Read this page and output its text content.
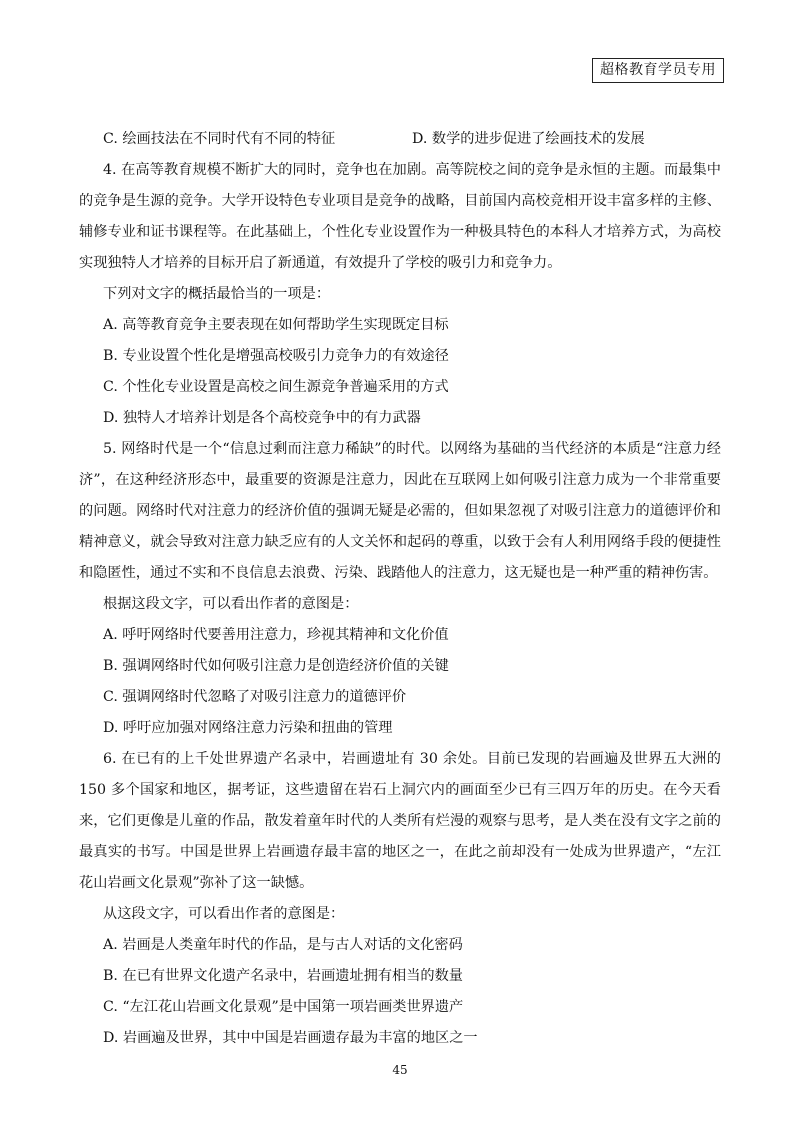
超格教育学员专用
C. 绘画技法在不同时代有不同的特征	D. 数学的进步促进了绘画技术的发展
4. 在高等教育规模不断扩大的同时，竞争也在加剧。高等院校之间的竞争是永恒的主题。而最集中的竞争是生源的竞争。大学开设特色专业项目是竞争的战略，目前国内高校竞相开设丰富多样的主修、辅修专业和证书课程等。在此基础上，个性化专业设置作为一种极具特色的本科人才培养方式，为高校实现独特人才培养的目标开启了新通道，有效提升了学校的吸引力和竞争力。
下列对文字的概括最恰当的一项是：
A. 高等教育竞争主要表现在如何帮助学生实现既定目标
B. 专业设置个性化是增强高校吸引力竞争力的有效途径
C. 个性化专业设置是高校之间生源竞争普遍采用的方式
D. 独特人才培养计划是各个高校竞争中的有力武器
5. 网络时代是一个“信息过剩而注意力稀缺”的时代。以网络为基础的当代经济的本质是“注意力经济”，在这种经济形态中，最重要的资源是注意力，因此在互联网上如何吸引注意力成为一个非常重要的问题。网络时代对注意力的经济价值的强调无疑是必需的，但如果忽视了对吸引注意力的道德评价和精神意义，就会导致对注意力缺乏应有的人文关怀和起码的尊重，以致于会有人利用网络手段的便捷性和隐匿性，通过不实和不良信息去浪费、污染、践踏他人的注意力，这无疑也是一种严重的精神伤害。
根据这段文字，可以看出作者的意图是：
A. 呼吁网络时代要善用注意力，珍视其精神和文化价值
B. 强调网络时代如何吸引注意力是创造经济价值的关键
C. 强调网络时代忽略了对吸引注意力的道德评价
D. 呼吁应加强对网络注意力污染和扭曲的管理
6. 在已有的上千处世界遗产名录中，岩画遗址有 30 余处。目前已发现的岩画遍及世界五大洲的 150 多个国家和地区，据考证，这些遗留在岩石上洞穴内的画面至少已有三四万年的历史。在今天看来，它们更像是儿童的作品，散发着童年时代的人类所有烂漫的观察与思考，是人类在没有文字之前的最真实的书写。中国是世界上岩画遗存最丰富的地区之一，在此之前却没有一处成为世界遗产，“左江花山岩画文化景观”弥补了这一缺憾。
从这段文字，可以看出作者的意图是：
A. 岩画是人类童年时代的作品，是与古人对话的文化密码
B. 在已有世界文化遗产名录中，岩画遗址拥有相当的数量
C. “左江花山岩画文化景观”是中国第一项岩画类世界遗产
D. 岩画遍及世界，其中中国是岩画遗存最为丰富的地区之一
45
